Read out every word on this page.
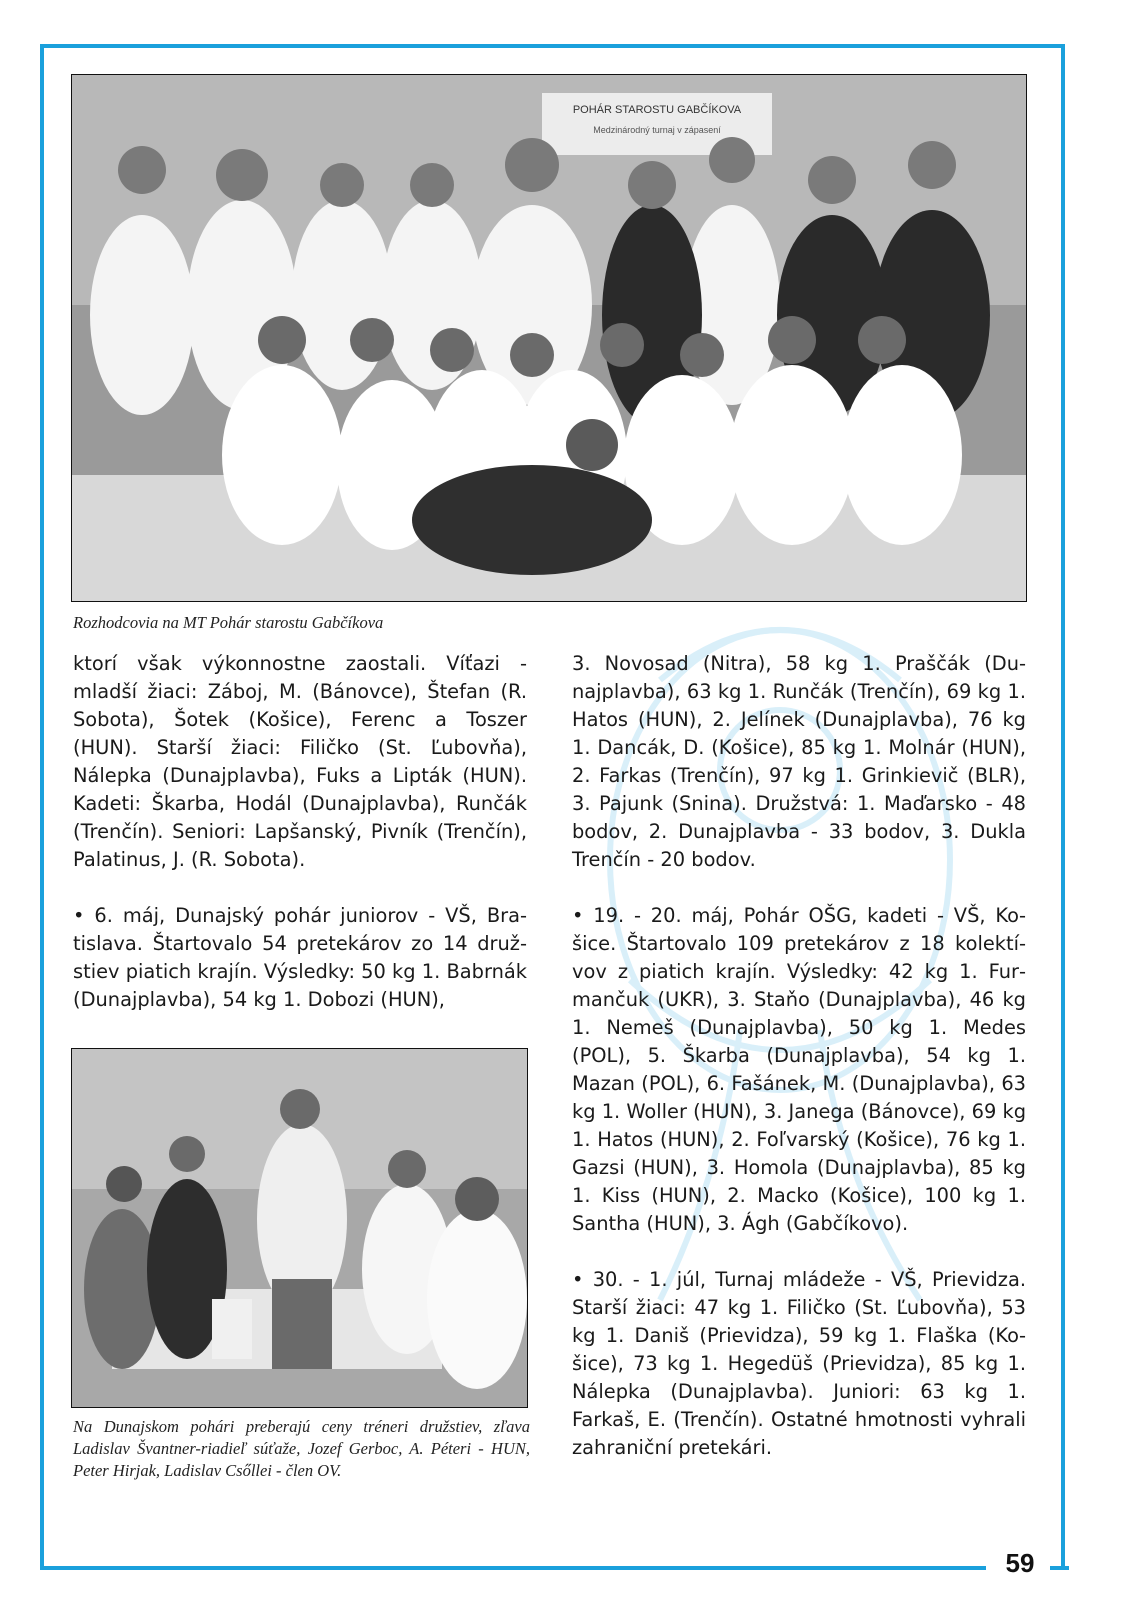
59
POHÁR STAROSTU GABČÍKOVA
Medzinárodný turnaj v zápasení
Rozhodcovia na MT Pohár starostu Gabčíkova

ktorí však výkonnostne zaostali. Víťazi - mladší žiaci: Záboj, M. (Bánovce), Štefan (R. Sobota), Šotek (Košice), Ferenc a Toszer (HUN). Starší žiaci: Filičko (St. Ľubovňa), Nálepka (Dunajplavba), Fuks a Lipták (HUN). Kadeti: Škarba, Hodál (Dunajplavba), Runčák (Trenčín). Seniori: Lapšanský, Pivník (Trenčín), Palatinus, J. (R. Sobota).

• 6. máj, Dunajský pohár juniorov - VŠ, Bratislava. Štartovalo 54 pretekárov zo 14 družstiev piatich krajín. Výsledky: 50 kg 1. Babrnák (Dunajplavba), 54 kg 1. Dobozi (HUN),

3. Novosad (Nitra), 58 kg 1. Praščák (Dunajplavba), 63 kg 1. Runčák (Trenčín), 69 kg 1. Hatos (HUN), 2. Jelínek (Dunajplavba), 76 kg 1. Dancák, D. (Košice), 85 kg 1. Molnár (HUN), 2. Farkas (Trenčín), 97 kg 1. Grinkievič (BLR), 3. Pajunk (Snina). Družstvá: 1. Maďarsko - 48 bodov, 2. Dunajplavba - 33 bodov, 3. Dukla Trenčín - 20 bodov.

• 19. - 20. máj, Pohár OŠG, kadeti - VŠ, Košice. Štartovalo 109 pretekárov z 18 kolektívov z piatich krajín. Výsledky: 42 kg 1. Furmančuk (UKR), 3. Staňo (Dunajplavba), 46 kg 1. Nemeš (Dunajplavba), 50 kg 1. Medes (POL), 5. Škarba (Dunajplavba), 54 kg 1. Mazan (POL), 6. Fašánek, M. (Dunajplavba), 63 kg 1. Woller (HUN), 3. Janega (Bánovce), 69 kg 1. Hatos (HUN), 2. Foľvarský (Košice), 76 kg 1. Gazsi (HUN), 3. Homola (Dunajplavba), 85 kg 1. Kiss (HUN), 2. Macko (Košice), 100 kg 1. Santha (HUN), 3. Ágh (Gabčíkovo).

• 30. - 1. júl, Turnaj mládeže - VŠ, Prievidza. Starší žiaci: 47 kg 1. Filičko (St. Ľubovňa), 53 kg 1. Daniš (Prievidza), 59 kg 1. Flaška (Košice), 73 kg 1. Hegedüš (Prievidza), 85 kg 1. Nálepka (Dunajplavba). Juniori: 63 kg 1. Farkaš, E. (Trenčín). Ostatné hmotnosti vyhrali zahraniční pretekári.

Na Dunajskom pohári preberajú ceny tréneri družstiev, zľava Ladislav Švantner-riadieľ súťaže, Jozef Gerboc, A. Péteri - HUN, Peter Hirjak, Ladislav Csőllei - člen OV.
